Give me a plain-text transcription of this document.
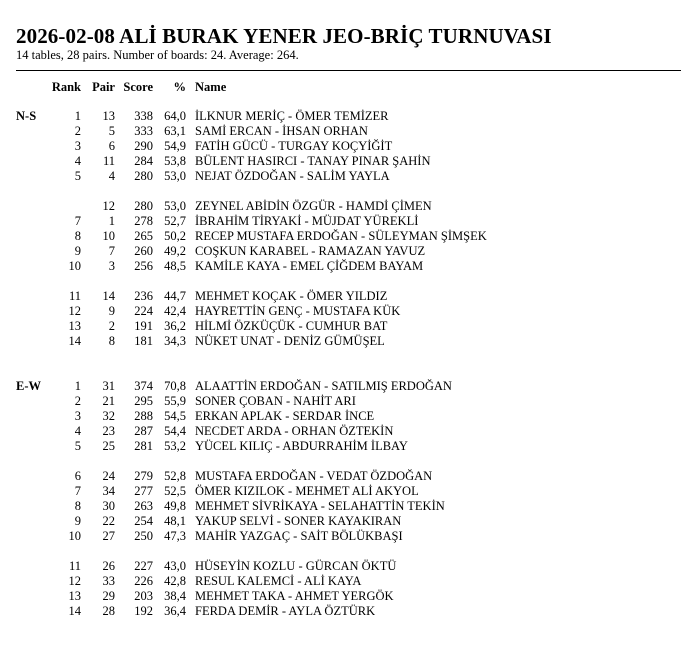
2026-02-08 ALİ BURAK YENER JEO-BRİÇ TURNUVASI
14 tables, 28 pairs. Number of boards: 24. Average: 264.
Rank Pair Score % Name
N-S	1 13 338 64,0 İLKNUR MERİÇ - ÖMER TEMİZER
2 5 333 63,1 SAMİ ERCAN - İHSAN ORHAN
3 6 290 54,9 FATİH GÜCÜ - TURGAY KOÇYİĞİT
4 11 284 53,8 BÜLENT HASIRCI - TANAY PINAR ŞAHİN
5 4 280 53,0 NEJAT ÖZDOĞAN - SALİM YAYLA
12 280 53,0 ZEYNEL ABİDİN ÖZGÜR - HAMDİ ÇİMEN
7 1 278 52,7 İBRAHİM TİRYAKİ - MÜJDAT YÜREKLİ
8 10 265 50,2 RECEP MUSTAFA ERDOĞAN - SÜLEYMAN ŞİMŞEK
9 7 260 49,2 COŞKUN KARABEL - RAMAZAN YAVUZ
10 3 256 48,5 KAMİLE KAYA - EMEL ÇİĞDEM BAYAM
11 14 236 44,7 MEHMET KOÇAK - ÖMER YILDIZ
12 9 224 42,4 HAYRETTİN GENÇ - MUSTAFA KÜK
13 2 191 36,2 HİLMİ ÖZKÜÇÜK - CUMHUR BAT
14 8 181 34,3 NÜKET UNAT - DENİZ GÜMÜŞEL
E-W	1 31 374 70,8 ALAATTİN ERDOĞAN - SATILMIŞ ERDOĞAN
2 21 295 55,9 SONER ÇOBAN - NAHİT ARI
3 32 288 54,5 ERKAN APLAK - SERDAR İNCE
4 23 287 54,4 NECDET ARDA - ORHAN ÖZTEKİN
5 25 281 53,2 YÜCEL KILIÇ - ABDURRAHİM İLBAY
6 24 279 52,8 MUSTAFA ERDOĞAN - VEDAT ÖZDOĞAN
7 34 277 52,5 ÖMER KIZILOK - MEHMET ALİ AKYOL
8 30 263 49,8 MEHMET SİVRİKAYA - SELAHATTİN TEKİN
9 22 254 48,1 YAKUP SELVİ - SONER KAYAKIRAN
10 27 250 47,3 MAHİR YAZGAÇ - SAİT BÖLÜKBAŞI
11 26 227 43,0 HÜSEYİN KOZLU - GÜRCAN ÖKTÜ
12 33 226 42,8 RESUL KALEMCİ - ALİ KAYA
13 29 203 38,4 MEHMET TAKA - AHMET YERGÖK
14 28 192 36,4 FERDA DEMİR - AYLA ÖZTÜRK
